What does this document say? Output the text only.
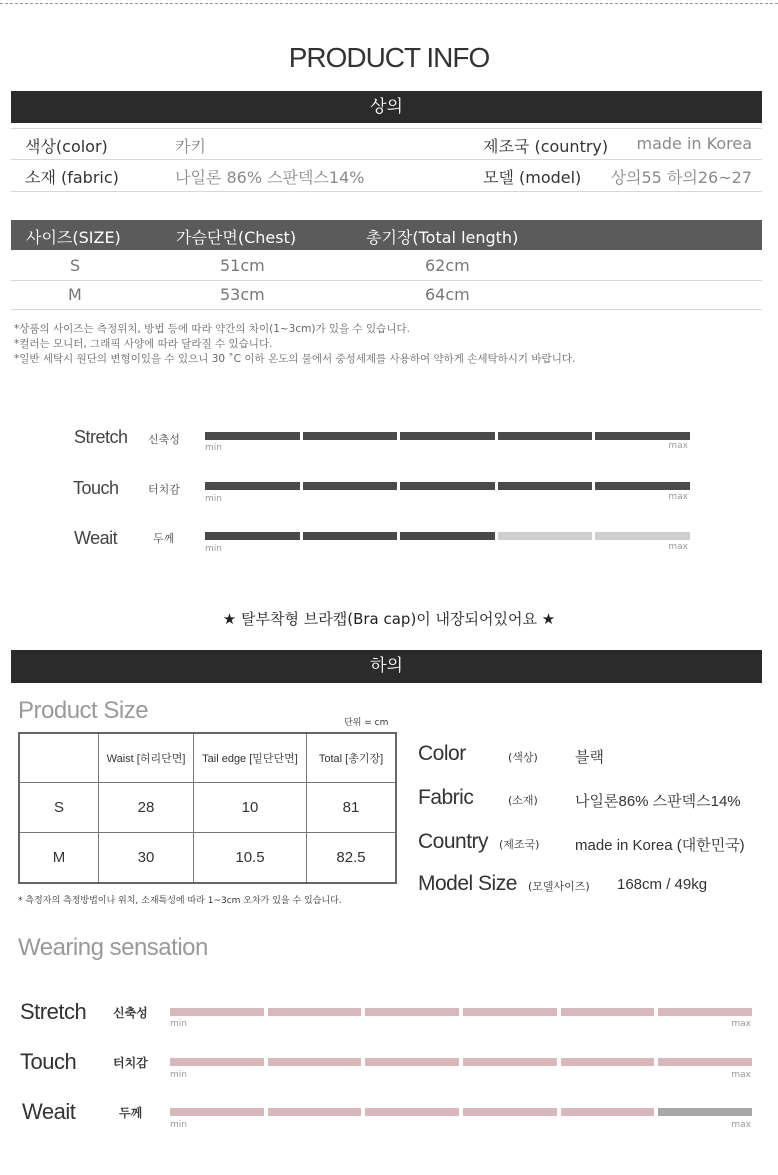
PRODUCT INFO
상의
색상(color)	카키	제조국 (country) made in Korea
소재 (fabric)	나일론 86% 스판덱스14%	모델 (model) 상의55 하의26~27
사이즈(SIZE)	가슴단면(Chest)	총기장(Total length)
S	51cm	62cm
M	53cm	64cm
*상품의 사이즈는 측정위치, 방법 등에 따라 약간의 차이(1~3cm)가 있을 수 있습니다.
*컬러는 모니터, 그래픽 사양에 따라 달라질 수 있습니다.
*일반 세탁시 원단의 변형이있을 수 있으니 30 ˚C 이하 온도의 물에서 중성세제를 사용하여 약하게 손세탁하시기 바랍니다.
Stretch 신축성
min	max
Touch	터치감
min	max
Weait	두께
min	max
★ 탈부착형 브라캡(Bra cap)이 내장되어있어요 ★
하의
Product Size	단위 = cm
	Waist [허리단면]	Tail edge [밑단단면]	Total [총기장]
S	28	10	81
M	30	10.5	82.5
* 측정자의 측정방법이나 위치, 소재특성에 따라 1~3cm 오차가 있을 수 있습니다.
Color	(색상) 블랙
Fabric	(소재) 나일론86% 스판덱스14%
Country (제조국) made in Korea (대한민국)
Model Size (모델사이즈) 168cm / 49kg
Wearing sensation
Stretch 신축성
min	max
Touch	터치감
min	max
Weait	두께
min	max
